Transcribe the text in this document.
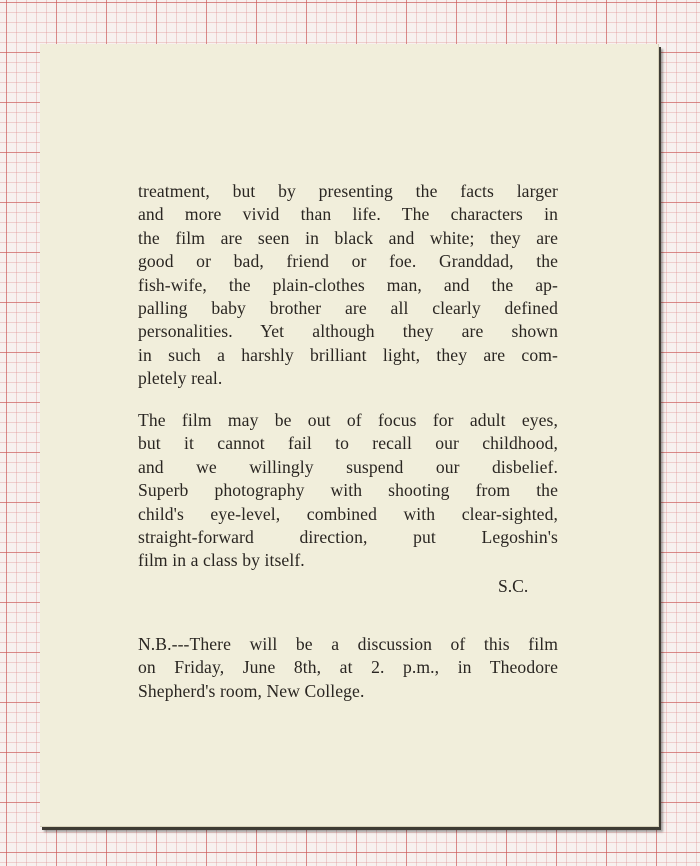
treatment, but by presenting the facts larger
and more vivid than life. The characters in
the film are seen in black and white; they are
good or bad, friend or foe. Granddad, the
fish-wife, the plain-clothes man, and the ap-
palling baby brother are all clearly defined
personalities. Yet although they are shown
in such a harshly brilliant light, they are com-
pletely real.
The film may be out of focus for adult eyes,
but it cannot fail to recall our childhood,
and we willingly suspend our disbelief.
Superb photography with shooting from the
child's eye-level, combined with clear-sighted,
straight-forward direction, put Legoshin's
film in a class by itself.
S.C.
N.B.---There will be a discussion of this film
on Friday, June 8th, at 2. p.m., in Theodore
Shepherd's room, New College.
